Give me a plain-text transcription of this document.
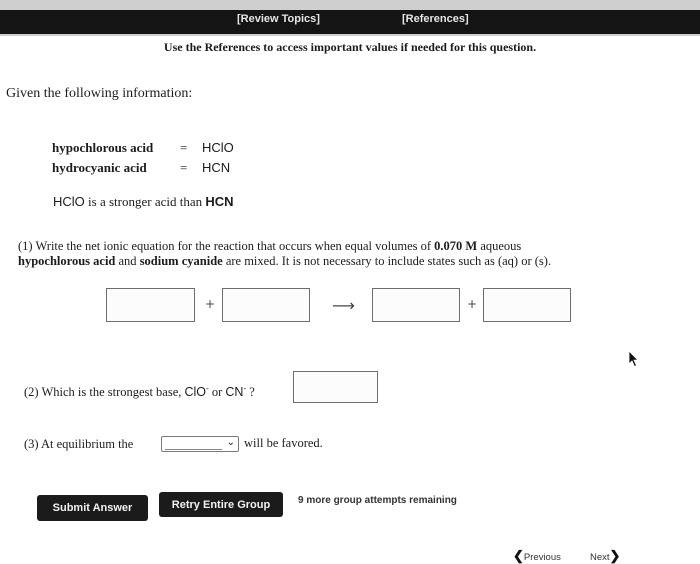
[Review Topics]	[References]
Use the References to access important values if needed for this question.
Given the following information:
hypochlorous acid = HClO
hydrocyanic acid	= HCN
HClO is a stronger acid than HCN
(1) Write the net ionic equation for the reaction that occurs when equal volumes of 0.070 M aqueous
hypochlorous acid and sodium cyanide are mixed. It is not necessary to include states such as (aq) or (s).
+	⟶	+
(2) Which is the strongest base, ClO- or CN- ?
(3) At equilibrium the	⌄ will be favored.
Submit Answer	Retry Entire Group	9 more group attempts remaining
❮Previous	Next❯
